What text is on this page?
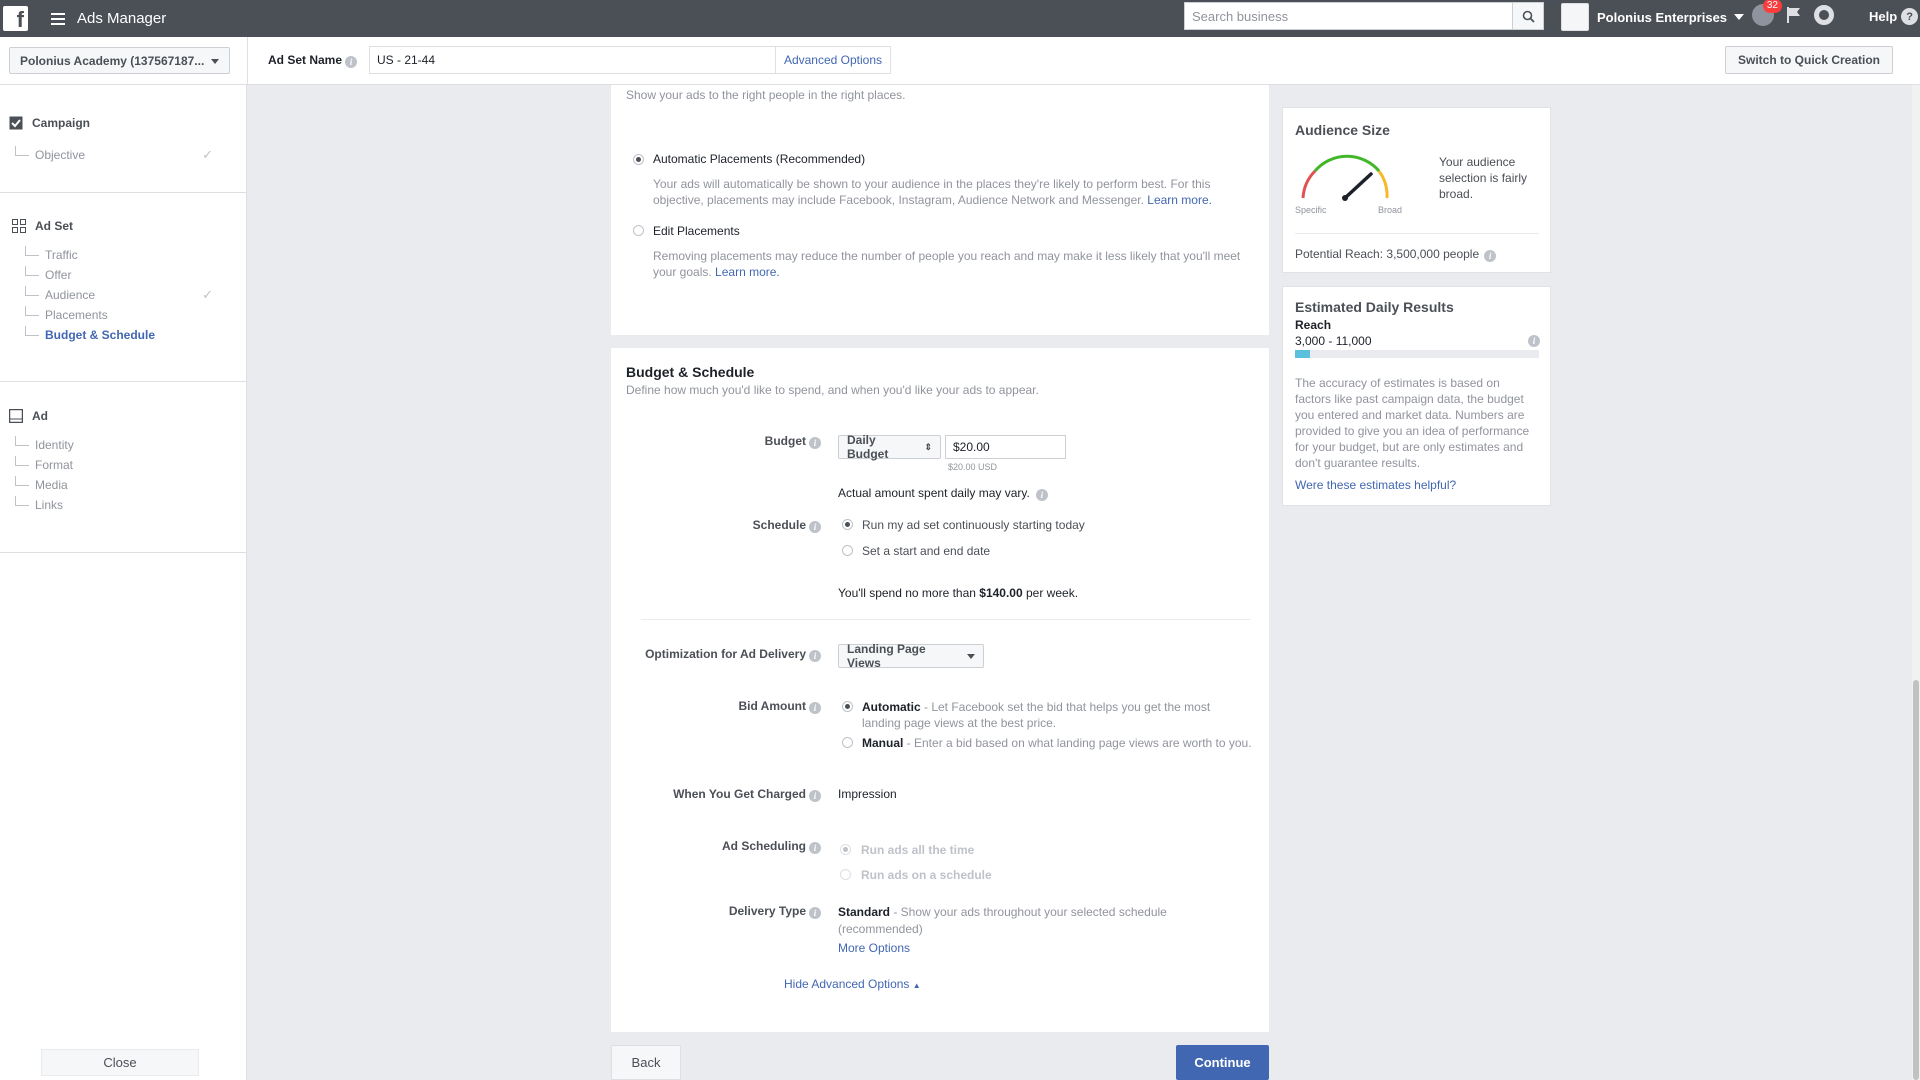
f	Ads Manager
Search business	Polonius Enterprises
32
Help ?
Polonius Academy (137567187...	Ad Set Name i
US - 21-44	Advanced Options	Switch to Quick Creation
Campaign
Objective	✓
Ad Set
Traffic
Offer
Audience	✓
Placements
Budget & Schedule
Ad
Identity
Format
Media
Links
Close
Show your ads to the right people in the right places.
Automatic Placements (Recommended)
Your ads will automatically be shown to your audience in the places they're likely to perform best. For this objective, placements may include Facebook, Instagram, Audience Network and Messenger. Learn more.
Edit Placements
Removing placements may reduce the number of people you reach and may make it less likely that you'll meet your goals. Learn more.
Budget & Schedule
Define how much you'd like to spend, and when you'd like your ads to appear.
Budget i	Daily Budget
⇕
$20.00
$20.00 USD
Actual amount spent daily may vary. i
Schedule i	Run my ad set continuously starting today
Set a start and end date
You'll spend no more than $140.00 per week.
Optimization for Ad Delivery i	Landing Page Views
Bid Amount i	Automatic - Let Facebook set the bid that helps you get the most landing page views at the best price.
Manual - Enter a bid based on what landing page views are worth to you.
When You Get Charged i	Impression
Ad Scheduling i	Run ads all the time
Run ads on a schedule
Delivery Type i	Standard - Show your ads throughout your selected schedule (recommended)
More Options
Hide Advanced Options ▲
Back	Continue
Audience Size
Specific	Broad
Your audience selection is fairly broad.
Potential Reach: 3,500,000 people i
Estimated Daily Results
Reach
3,000 - 11,000	i
The accuracy of estimates is based on factors like past campaign data, the budget you entered and market data. Numbers are provided to give you an idea of performance for your budget, but are only estimates and don't guarantee results.
Were these estimates helpful?
